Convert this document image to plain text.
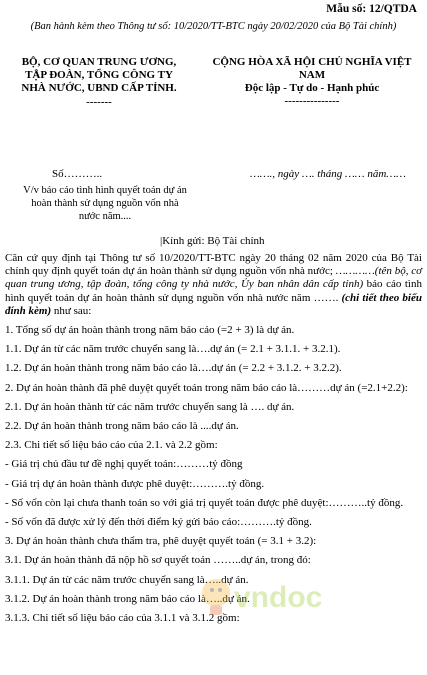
Mẫu số: 12/QTDA
(Ban hành kèm theo Thông tư số: 10/2020/TT-BTC ngày 20/02/2020 của Bộ Tài chính)
BỘ, CƠ QUAN TRUNG ƯƠNG,
TẬP ĐOÀN, TỔNG CÔNG TY
NHÀ NƯỚC, UBND CẤP TỈNH.
-------
CỘNG HÒA XÃ HỘI CHỦ NGHĨA VIỆT NAM
Độc lập - Tự do - Hạnh phúc
---------------
Số………..	……., ngày …. tháng …… năm……
V/v báo cáo tình hình quyết toán dự án hoàn thành sử dụng nguồn vốn nhà nước năm....
|Kính gửi: Bộ Tài chính

Căn cứ quy định tại Thông tư số 10/2020/TT-BTC ngày 20 tháng 02 năm 2020 của Bộ Tài chính quy định quyết toán dự án hoàn thành sử dụng nguồn vốn nhà nước; …………(tên bộ, cơ quan trung ương, tập đoàn, tổng công ty nhà nước, Ủy ban nhân dân cấp tỉnh) báo cáo tình hình quyết toán dự án hoàn thành sử dụng nguồn vốn nhà nước năm ……. (chi tiết theo biểu đính kèm) như sau:

1. Tổng số dự án hoàn thành trong năm báo cáo (=2 + 3) là dự án.

1.1. Dự án từ các năm trước chuyển sang là….dự án (= 2.1 + 3.1.1. + 3.2.1).

1.2. Dự án hoàn thành trong năm báo cáo là….dự án (= 2.2 + 3.1.2. + 3.2.2).

2. Dự án hoàn thành đã phê duyệt quyết toán trong năm báo cáo là………dự án (=2.1+2.2):

2.1. Dự án hoàn thành từ các năm trước chuyển sang là …. dự án.

2.2. Dự án hoàn thành trong năm báo cáo là ....dự án.

2.3. Chi tiết số liệu báo cáo của 2.1. và 2.2 gồm:

- Giá trị chủ đầu tư đề nghị quyết toán:………tỷ đồng

- Giá trị dự án hoàn thành được phê duyệt:……….tỷ đồng.

- Số vốn còn lại chưa thanh toán so với giá trị quyết toán được phê duyệt:………..tỷ đồng.

- Số vốn đã được xử lý đến thời điểm ký gửi báo cáo:……….tỷ đồng.

3. Dự án hoàn thành chưa thẩm tra, phê duyệt quyết toán (= 3.1 + 3.2):

3.1. Dự án hoàn thành đã nộp hồ sơ quyết toán ……..dự án, trong đó:

3.1.1. Dự án từ các năm trước chuyển sang là…..dự án.

3.1.2. Dự án hoàn thành trong năm báo cáo là…..dự án.

3.1.3. Chi tiết số liệu báo cáo của 3.1.1 và 3.1.2 gồm:

vndoc
